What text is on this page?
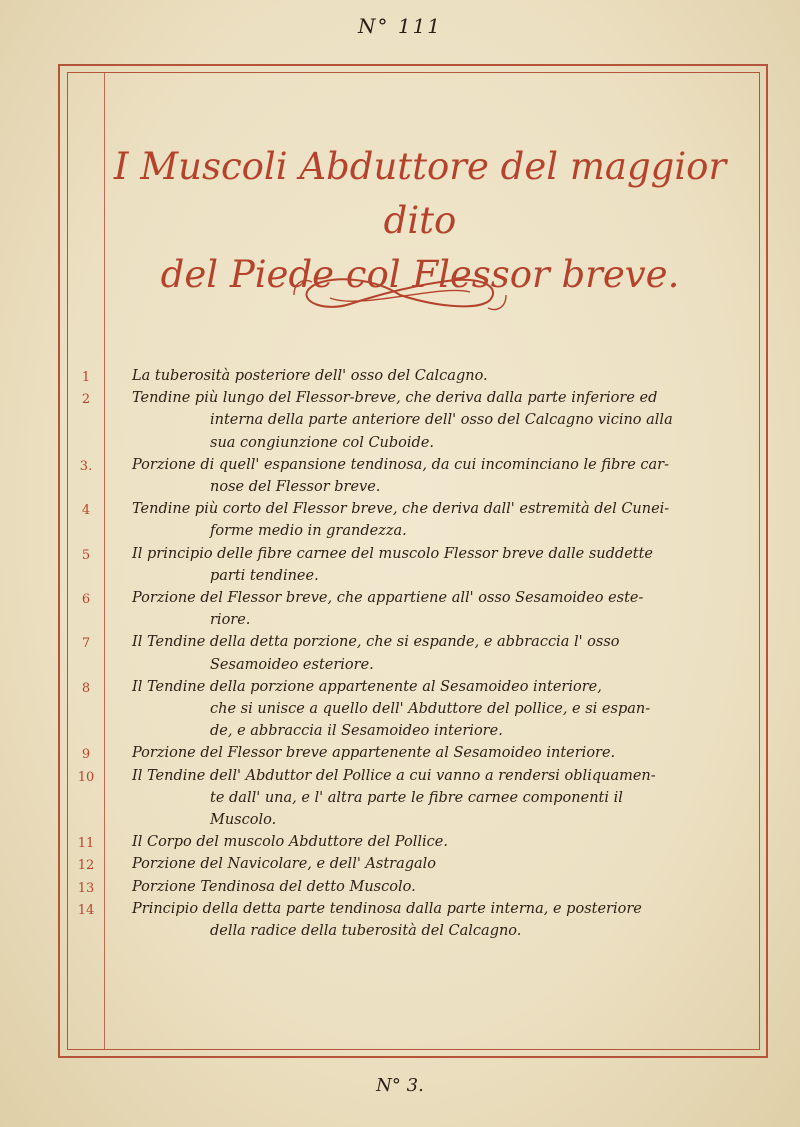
N° 111
I Muscoli Abduttore del maggior dito
del Piede col Flessor breve.
1	La tuberosità posteriore dell' osso del Calcagno.
2	Tendine più lungo del Flessor-breve, che deriva dalla parte inferiore ed
interna della parte anteriore dell' osso del Calcagno vicino alla
sua congiunzione col Cuboide.
3.	Porzione di quell' espansione tendinosa, da cui incominciano le fibre car-
nose del Flessor breve.
4	Tendine più corto del Flessor breve, che deriva dall' estremità del Cunei-
forme medio in grandezza.
5	Il principio delle fibre carnee del muscolo Flessor breve dalle suddette
parti tendinee.
6	Porzione del Flessor breve, che appartiene all' osso Sesamoideo este-
riore.
7	Il Tendine della detta porzione, che si espande, e abbraccia l' osso
Sesamoideo esteriore.
8	Il Tendine della porzione appartenente al Sesamoideo interiore,
che si unisce a quello dell' Abduttore del pollice, e si espan-
de, e abbraccia il Sesamoideo interiore.
9	Porzione del Flessor breve appartenente al Sesamoideo interiore.
10	Il Tendine dell' Abduttor del Pollice a cui vanno a rendersi obliquamen-
te dall' una, e l' altra parte le fibre carnee componenti il
Muscolo.
11	Il Corpo del muscolo Abduttore del Pollice.
12	Porzione del Navicolare, e dell' Astragalo
13	Porzione Tendinosa del detto Muscolo.
14	Principio della detta parte tendinosa dalla parte interna, e posteriore
della radice della tuberosità del Calcagno.
N° 3.
